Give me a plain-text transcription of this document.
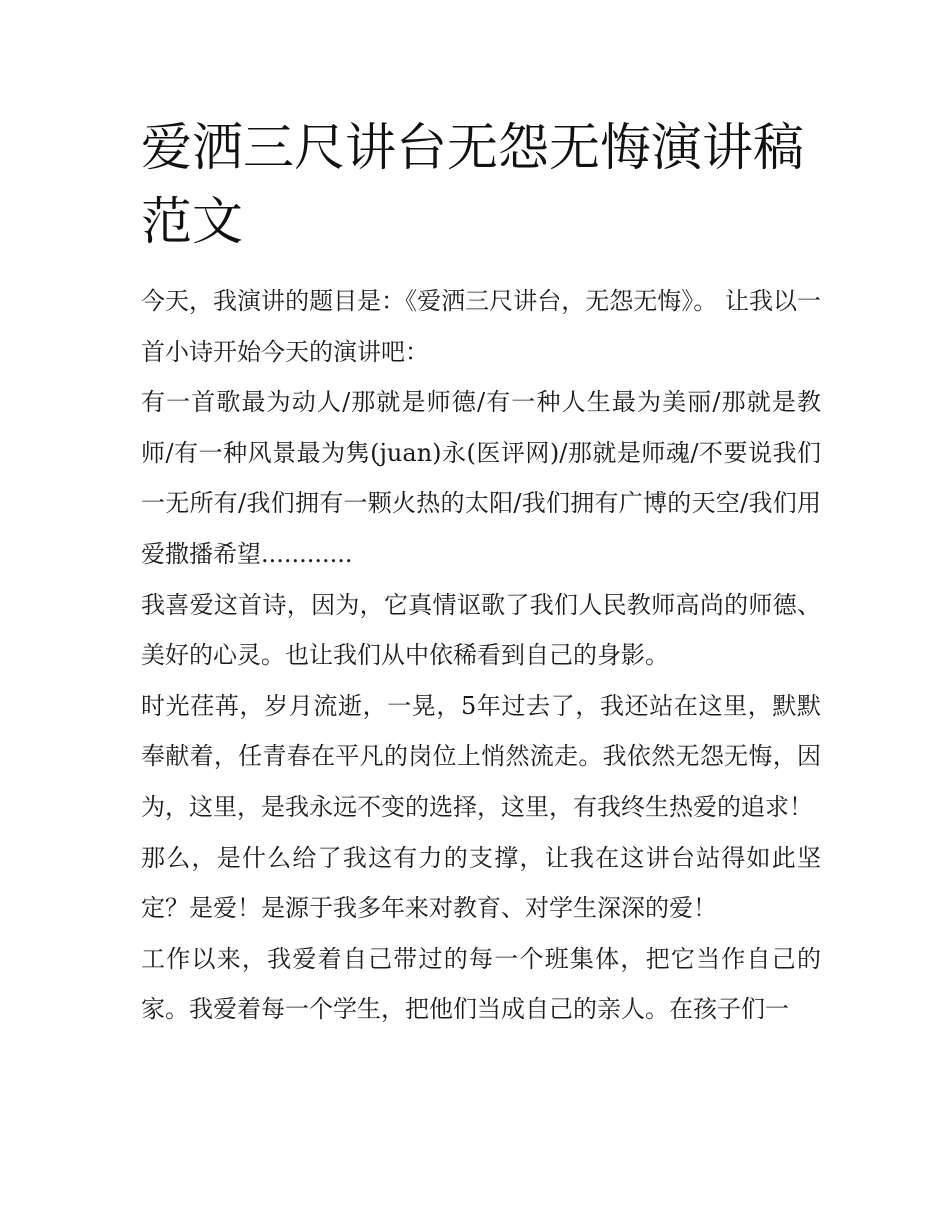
爱洒三尺讲台无怨无悔演讲稿范文

今天，我演讲的题目是：《爱洒三尺讲台，无怨无悔》。 让我以一首小诗开始今天的演讲吧：

有一首歌最为动人/那就是师德/有一种人生最为美丽/那就是教师/有一种风景最为隽(juan)永(医评网)/那就是师魂/不要说我们一无所有/我们拥有一颗火热的太阳/我们拥有广博的天空/我们用爱撒播希望............

我喜爱这首诗，因为，它真情讴歌了我们人民教师高尚的师德、美好的心灵。也让我们从中依稀看到自己的身影。

时光荏苒，岁月流逝，一晃，5年过去了，我还站在这里，默默奉献着，任青春在平凡的岗位上悄然流走。我依然无怨无悔，因为，这里，是我永远不变的选择，这里，有我终生热爱的追求！

那么，是什么给了我这有力的支撑，让我在这讲台站得如此坚定？是爱！是源于我多年来对教育、对学生深深的爱！

工作以来，我爱着自己带过的每一个班集体，把它当作自己的家。我爱着每一个学生，把他们当成自己的亲人。在孩子们一
